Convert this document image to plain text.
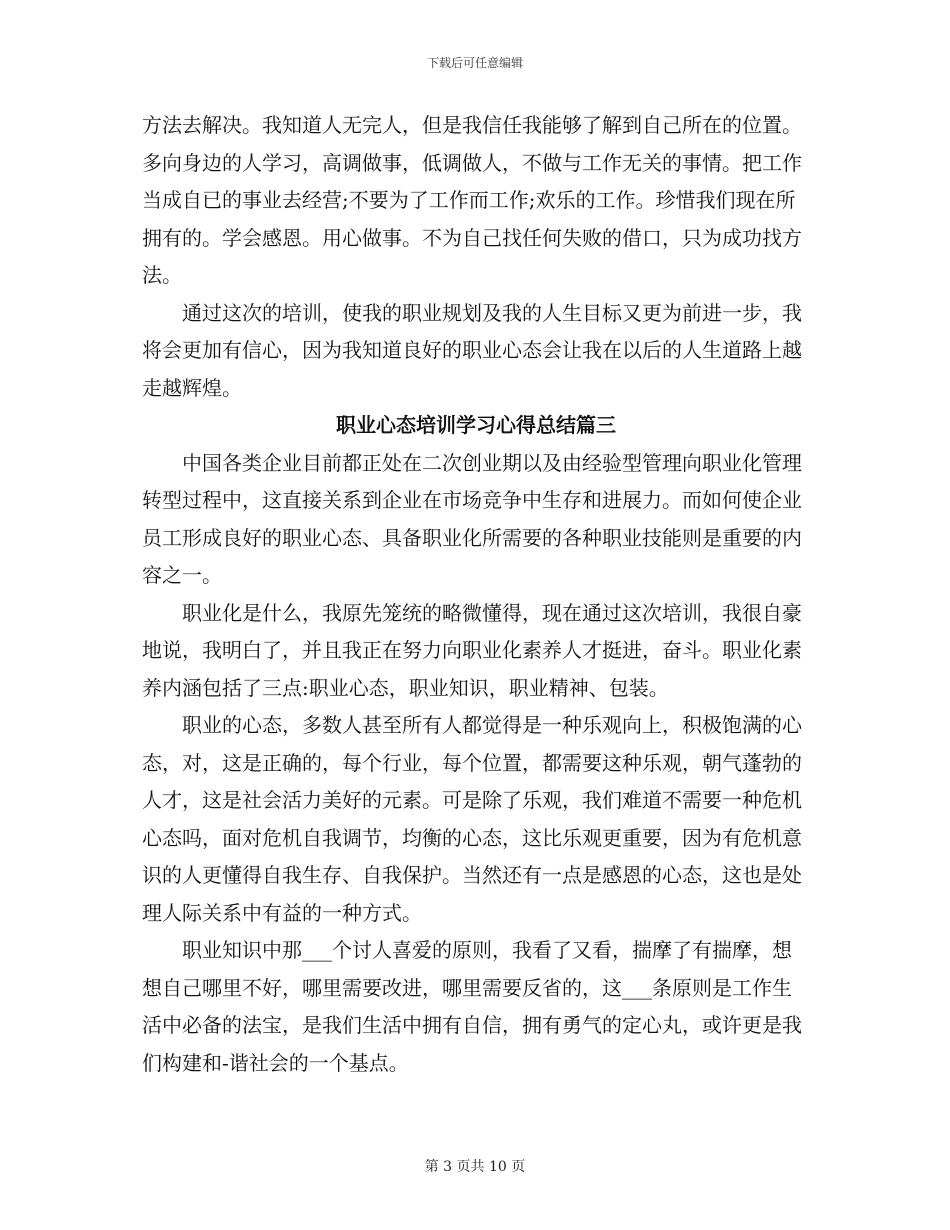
下载后可任意编辑

方法去解决。我知道人无完人，但是我信任我能够了解到自己所在的位置。多向身边的人学习，高调做事，低调做人，不做与工作无关的事情。把工作当成自已的事业去经营;不要为了工作而工作;欢乐的工作。珍惜我们现在所拥有的。学会感恩。用心做事。不为自己找任何失败的借口，只为成功找方法。

通过这次的培训，使我的职业规划及我的人生目标又更为前进一步，我将会更加有信心，因为我知道良好的职业心态会让我在以后的人生道路上越走越辉煌。

职业心态培训学习心得总结篇三

中国各类企业目前都正处在二次创业期以及由经验型管理向职业化管理转型过程中，这直接关系到企业在市场竞争中生存和进展力。而如何使企业员工形成良好的职业心态、具备职业化所需要的各种职业技能则是重要的内容之一。

职业化是什么，我原先笼统的略微懂得，现在通过这次培训，我很自豪地说，我明白了，并且我正在努力向职业化素养人才挺进，奋斗。职业化素养内涵包括了三点:职业心态，职业知识，职业精神、包装。

职业的心态，多数人甚至所有人都觉得是一种乐观向上，积极饱满的心态，对，这是正确的，每个行业，每个位置，都需要这种乐观，朝气蓬勃的人才，这是社会活力美好的元素。可是除了乐观，我们难道不需要一种危机心态吗，面对危机自我调节，均衡的心态，这比乐观更重要，因为有危机意识的人更懂得自我生存、自我保护。当然还有一点是感恩的心态，这也是处理人际关系中有益的一种方式。

职业知识中那___个讨人喜爱的原则，我看了又看，揣摩了有揣摩，想想自己哪里不好，哪里需要改进，哪里需要反省的，这___条原则是工作生活中必备的法宝，是我们生活中拥有自信，拥有勇气的定心丸，或许更是我们构建和-谐社会的一个基点。

第 3 页共 10 页
